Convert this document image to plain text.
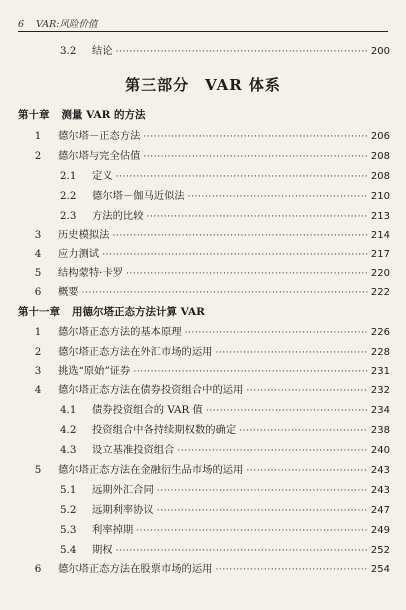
6 VAR:风险价值
3.2	结论 ·····	200
第三部分　VAR 体系
第十章 测量 VAR 的方法
1	德尔塔－正态方法 ·····	206
2	德尔塔与完全估值 ·····	208
2.1	定义 ·····	208
2.2	德尔塔－伽马近似法 ·····	210
2.3	方法的比较 ·····	213
3	历史模拟法 ·····	214
4	应力测试 ·····	217
5	结构蒙特·卡罗 ·····	220
6	概要 ·····	222
第十一章 用德尔塔正态方法计算 VAR
1	德尔塔正态方法的基本原理 ·····	226
2	德尔塔正态方法在外汇市场的运用 ·····	228
3	挑选“原始”证券 ·····	231
4	德尔塔正态方法在债券投资组合中的运用 ·····	232
4.1	债券投资组合的 VAR 值 ·····	234
4.2	投资组合中各持续期权数的确定 ·····	238
4.3	设立基准投资组合 ·····	240
5	德尔塔正态方法在金融衍生品市场的运用 ·····	243
5.1	远期外汇合同 ·····	243
5.2	远期利率协议 ·····	247
5.3	利率掉期 ·····	249
5.4	期权 ·····	252
6	德尔塔正态方法在股票市场的运用 ·····	254
